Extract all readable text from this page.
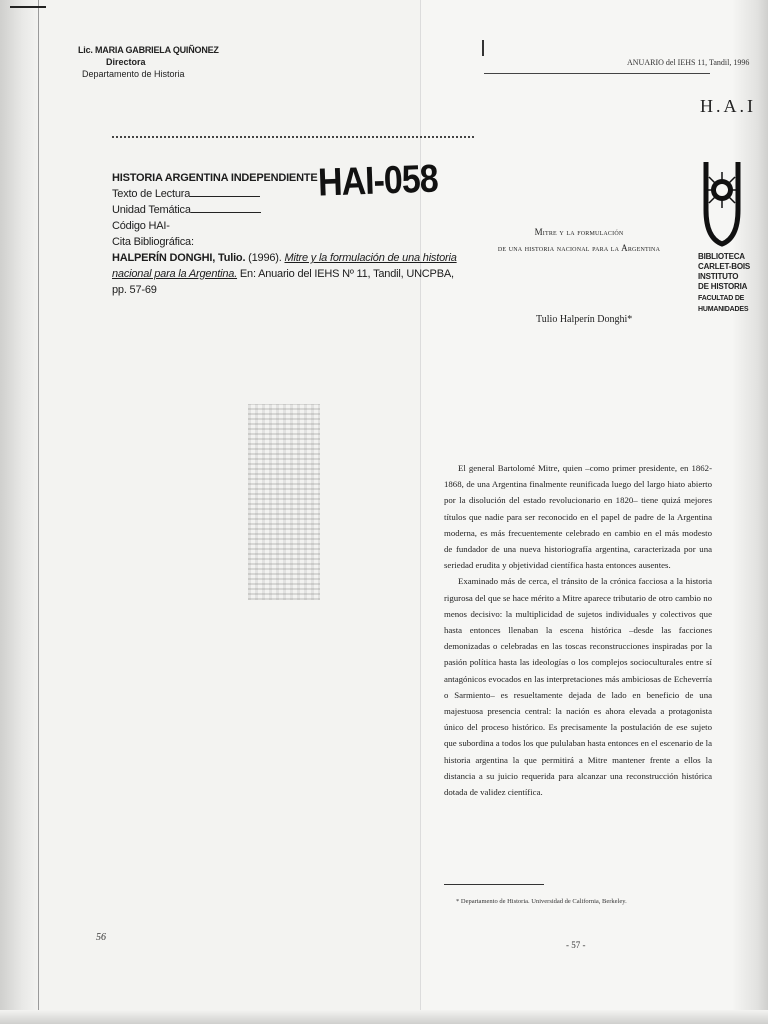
Lic. MARIA GABRIELA QUIÑONEZ
Directora
Departamento de Historia
HISTORIA ARGENTINA INDEPENDIENTE
Texto de Lectura
Unidad Temática
Código HAI-
Cita Bibliográfica:
HALPERÍN DONGHI, Tulio. (1996). Mitre y la formulación de una historia nacional para la Argentina. En: Anuario del IEHS Nº 11, Tandil, UNCPBA, pp. 57-69
HAI-058
ANUARIO del IEHS 11, Tandil, 1996
H.A.I
BIBLIOTECA
CARLET-BOIS
INSTITUTO
DE HISTORIA
FACULTAD DE
HUMANIDADES
Mitre y la formulación
de una historia nacional para la Argentina
Tulio Halperín Donghi*

El general Bartolomé Mitre, quien –como primer presidente, en 1862-1868, de una Argentina finalmente reunificada luego del largo hiato abierto por la disolución del estado revolucionario en 1820– tiene quizá mejores títulos que nadie para ser reconocido en el papel de padre de la Argentina moderna, es más frecuentemente celebrado en cambio en el más modesto de fundador de una nueva historiografía argentina, caracterizada por una seriedad erudita y objetividad científica hasta entonces ausentes.

Examinado más de cerca, el tránsito de la crónica facciosa a la historia rigurosa del que se hace mérito a Mitre aparece tributario de otro cambio no menos decisivo: la multiplicidad de sujetos individuales y colectivos que hasta entonces llenaban la escena histórica –desde las facciones demonizadas o celebradas en las toscas reconstrucciones inspiradas por la pasión política hasta las ideologías o los complejos socioculturales entre sí antagónicos evocados en las interpretaciones más ambiciosas de Echeverría o Sarmiento– es resueltamente dejada de lado en beneficio de una majestuosa presencia central: la nación es ahora elevada a protagonista único del proceso histórico. Es precisamente la postulación de ese sujeto que subordina a todos los que pululaban hasta entonces en el escenario de la historia argentina la que permitirá a Mitre mantener frente a ellos la distancia a su juicio requerida para alcanzar una reconstrucción histórica dotada de validez científica.

* Departamento de Historia. Universidad de California, Berkeley.
56
- 57 -
